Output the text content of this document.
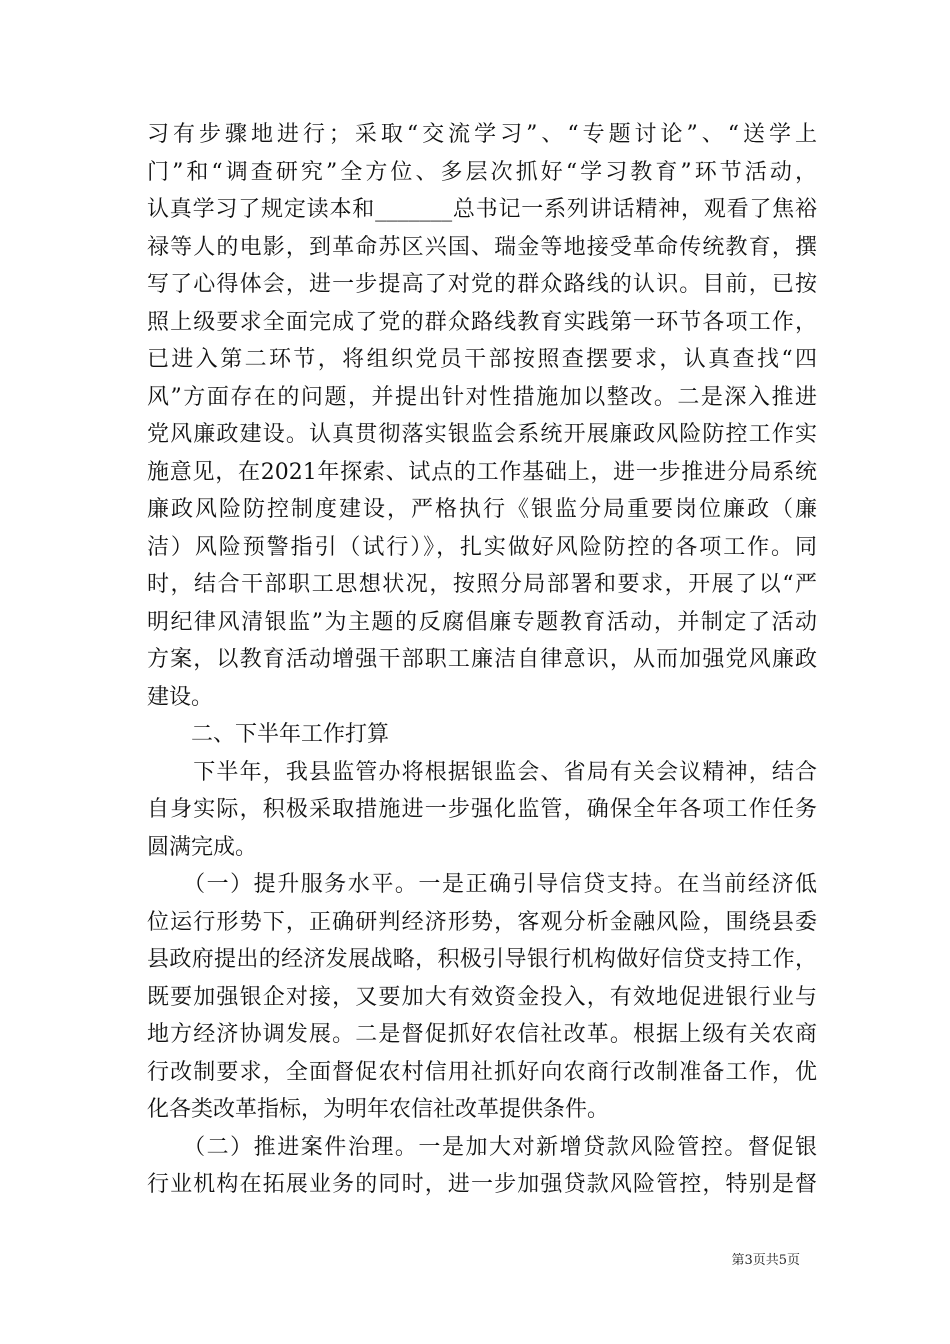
习有步骤地进行；采取“交流学习”、“专题讨论”、“送学上
门”和“调查研究”全方位、多层次抓好“学习教育”环节活动，
认真学习了规定读本和_______总书记一系列讲话精神，观看了焦裕
禄等人的电影，到革命苏区兴国、瑞金等地接受革命传统教育，撰
写了心得体会，进一步提高了对党的群众路线的认识。目前，已按
照上级要求全面完成了党的群众路线教育实践第一环节各项工作，
已进入第二环节，将组织党员干部按照查摆要求，认真查找“四
风”方面存在的问题，并提出针对性措施加以整改。二是深入推进
党风廉政建设。认真贯彻落实银监会系统开展廉政风险防控工作实
施意见，在2021年探索、试点的工作基础上，进一步推进分局系统
廉政风险防控制度建设，严格执行《银监分局重要岗位廉政（廉
洁）风险预警指引（试行）》，扎实做好风险防控的各项工作。同
时，结合干部职工思想状况，按照分局部署和要求，开展了以“严
明纪律风清银监”为主题的反腐倡廉专题教育活动，并制定了活动
方案，以教育活动增强干部职工廉洁自律意识，从而加强党风廉政
建设。
　　二、下半年工作打算
　　下半年，我县监管办将根据银监会、省局有关会议精神，结合
自身实际，积极采取措施进一步强化监管，确保全年各项工作任务
圆满完成。
　　（一）提升服务水平。一是正确引导信贷支持。在当前经济低
位运行形势下，正确研判经济形势，客观分析金融风险，围绕县委
县政府提出的经济发展战略，积极引导银行机构做好信贷支持工作，
既要加强银企对接，又要加大有效资金投入，有效地促进银行业与
地方经济协调发展。二是督促抓好农信社改革。根据上级有关农商
行改制要求，全面督促农村信用社抓好向农商行改制准备工作，优
化各类改革指标，为明年农信社改革提供条件。
　　（二）推进案件治理。一是加大对新增贷款风险管控。督促银
行业机构在拓展业务的同时，进一步加强贷款风险管控，特别是督
第3页共5页
